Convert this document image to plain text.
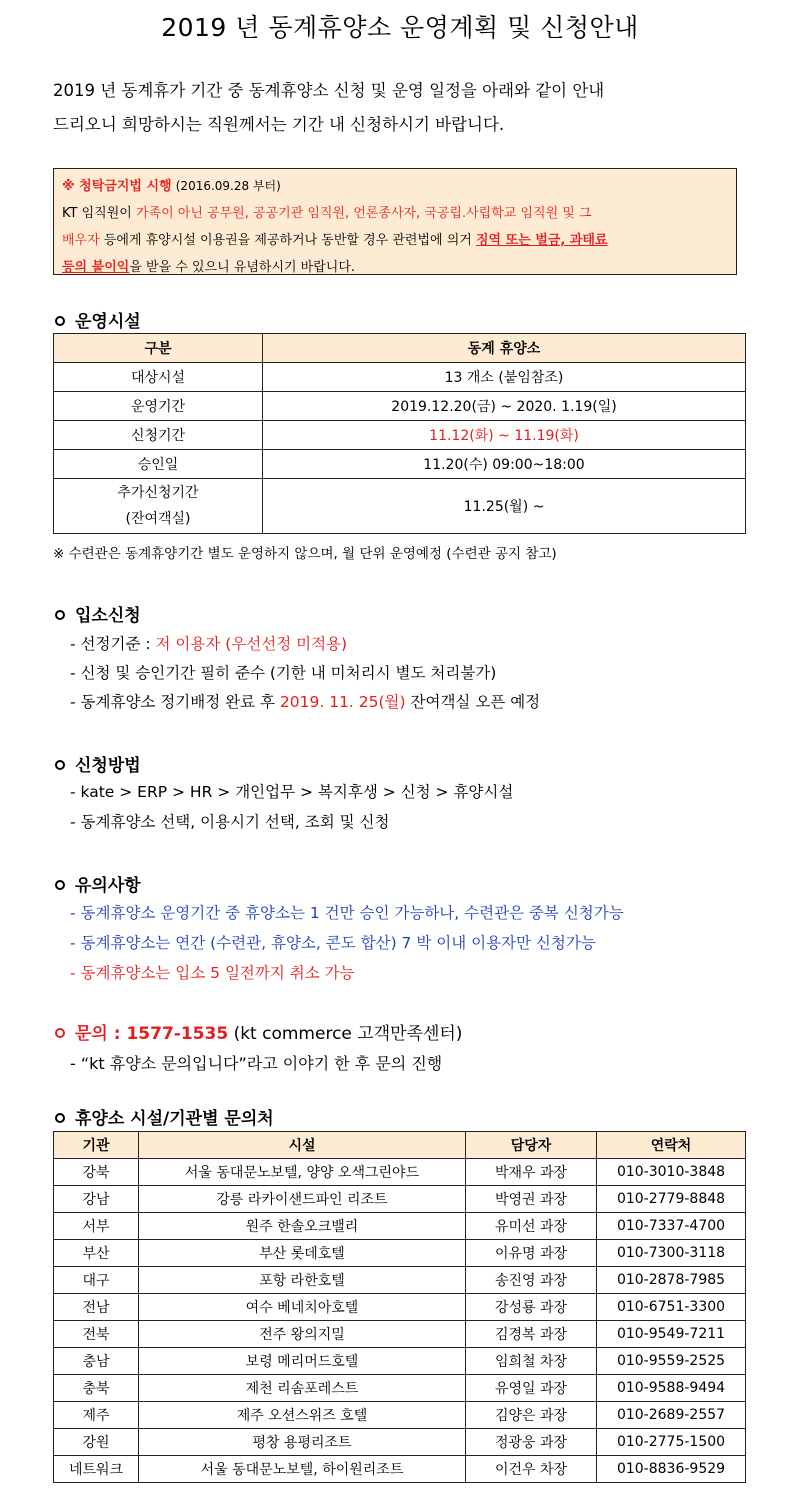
2019 년 동계휴양소 운영계획 및 신청안내
2019 년 동계휴가 기간 중 동계휴양소 신청 및 운영 일정을 아래와 같이 안내
드리오니 희망하시는 직원께서는 기간 내 신청하시기 바랍니다.
※ 청탁금지법 시행 (2016.09.28 부터)
KT 임직원이 가족이 아닌 공무원, 공공기관 임직원, 언론종사자, 국공립.사립학교 임직원 및 그
배우자 등에게 휴양시설 이용권을 제공하거나 동반할 경우 관련법에 의거 징역 또는 벌금, 과태료
등의 불이익을 받을 수 있으니 유념하시기 바랍니다.
운영시설
구분	동계 휴양소
대상시설	13 개소 (붙임참조)
운영기간	2019.12.20(금) ~ 2020. 1.19(일)
신청기간	11.12(화) ~ 11.19(화)
승인일	11.20(수) 09:00~18:00

추가신청기간
(잔여객실)	11.25(월) ~
※ 수련관은 동계휴양기간 별도 운영하지 않으며, 월 단위 운영예정 (수련관 공지 참고)
입소신청
- 선정기준 : 저 이용자 (우선선정 미적용)
- 신청 및 승인기간 필히 준수 (기한 내 미처리시 별도 처리불가)
- 동계휴양소 정기배정 완료 후 2019. 11. 25(월) 잔여객실 오픈 예정
신청방법
- kate > ERP > HR > 개인업무 > 복지후생 > 신청 > 휴양시설
- 동계휴양소 선택, 이용시기 선택, 조회 및 신청
유의사항
- 동계휴양소 운영기간 중 휴양소는 1 건만 승인 가능하나, 수련관은 중복 신청가능
- 동계휴양소는 연간 (수련관, 휴양소, 콘도 합산) 7 박 이내 이용자만 신청가능
- 동계휴양소는 입소 5 일전까지 취소 가능
문의 : 1577-1535 (kt commerce 고객만족센터)
- “kt 휴양소 문의입니다”라고 이야기 한 후 문의 진행
휴양소 시설/기관별 문의처
기관	시설	담당자	연락처
강북	서울 동대문노보텔, 양양 오색그린야드	박재우 과장	010-3010-3848
강남	강릉 라카이샌드파인 리조트	박영권 과장	010-2779-8848
서부	원주 한솔오크밸리	유미선 과장	010-7337-4700
부산	부산 롯데호텔	이유명 과장	010-7300-3118
대구	포항 라한호텔	송진영 과장	010-2878-7985
전남	여수 베네치아호텔	강성룡 과장	010-6751-3300
전북	전주 왕의지밀	김경복 과장	010-9549-7211
충남	보령 메리머드호텔	임희철 차장	010-9559-2525
충북	제천 리솜포레스트	유영일 과장	010-9588-9494
제주	제주 오션스위즈 호텔	김양은 과장	010-2689-2557
강원	평창 용평리조트	정광웅 과장	010-2775-1500
네트워크	서울 동대문노보텔, 하이원리조트	이건우 차장	010-8836-9529
